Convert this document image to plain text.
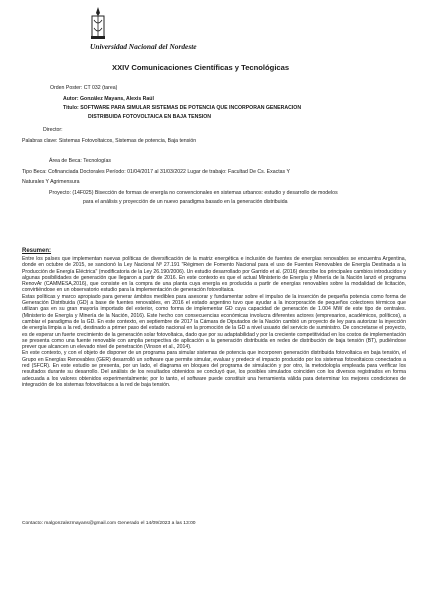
Universidad Nacional del Nordeste
XXIV Comunicaciones Científicas y Tecnológicas
Orden Poster: CT 032 (tarea)
Autor: González Mayans, Alexis Raúl
Titulo: SOFTWARE PARA SIMULAR SISTEMAS DE POTENCIA QUE INCORPORAN GENERACION
DISTRIBUIDA FOTOVOLTAICA EN BAJA TENSION
Director:
Palabras clave: Sistemas Fotovoltaicos, Sistemas de potencia, Baja tensión
Área de Beca: Tecnologías
Tipo Beca: Cofinanciada Doctorales Período: 01/04/2017 al 31/03/2022 Lugar de trabajo: Facultad De Cs. Exactas Y
Naturales Y Agrimensura
Proyecto: (14F025) Bisección de formas de energía no convencionales en sistemas urbanos: estudio y desarrollo de modelos
para el análisis y proyección de un nuevo paradigma basado en la generación distribuida
Resumen:

Entre los países que implementan nuevas políticas de diversificación de la matriz energética e inclusión de fuentes de energías renovables se encuentra Argentina, donde en octubre de 2015, se sancionó la Ley Nacional Nº 27.191 "Régimen de Fomento Nacional para el uso de Fuentes Renovables de Energía Destinada a la Producción de Energía Eléctrica" (modificatoria de la Ley 26.190/2006). Un estudio desarrollado por Garrido et al. (2016) describe los principales cambios introducidos y algunas posibilidades de generación que llegaron a partir de 2016. En este contexto es que el actual Ministerio de Energía y Minería de la Nación lanzó el programa RenovAr (CAMMESA,2016), que consiste en la compra de una planta cuya energía es producida a partir de energías renovables sobre la modalidad de licitación, convirtiéndose en un observatorio estudio para la implementación de generación fotovoltaica.

Estas políticas y marco apropiado para generar ámbitos medibles para asesorar y fundamentar sobre el impulso de la inserción de pequeña potencia como forma de Generación Distribuida (GD) a base de fuentes renovables, en 2016 el estado argentino tuvo que ayudar a la incorporación de pequeños colectores térmicos que utilizan gas en su gran mayoría importado del exterior, como forma de implementar GD cuya capacidad de generación de 1.004 MW de este tipo de centrales. (Ministerio de Energía y Minería de la Nación, 2016). Este hecho con consecuencias económicas involucra diferentes actores (empresarios, académicos, políticos), a cambiar el paradigma de la GD. En este contexto, en septiembre de 2017 la Cámara de Diputados de la Nación cambió un proyecto de ley para autorizar la inyección de energía limpia a la red, destinado a primer paso del estado nacional en la promoción de la GD a nivel usuario del servicio de suministro. De concretarse el proyecto, es de esperar un fuerte crecimiento de la generación solar fotovoltaica, dado que por su adaptabilidad y por la creciente competitividad en los costos de implementación se presenta como una fuente renovable con amplia perspectiva de aplicación a la generación distribuida en redes de distribución de baja tensión (BT), pudiéndose prever que alcancen un elevado nivel de penetración (Vinson et al., 2014).

En este contexto, y con el objeto de disponer de un programa para simular sistemas de potencia que incorporen generación distribuida fotovoltaica en baja tensión, el Grupo en Energías Renovables (GER) desarrolló un software que permite simular, evaluar y predecir el impacto producido por los sistemas fotovoltaicos conectados a red (SFCR). En este estudio se presenta, por un lado, el diagrama en bloques del programa de simulación y por otro, la metodología empleada para verificar los resultados durante su desarrollo. Del análisis de los resultados obtenidos se concluyó que, los posibles simulados coinciden con los diversos registrados en forma adecuada a los valores obtenidos experimentalmente; por lo tanto, el software puede constituir una herramienta válida para determinar los mejores condiciones de integración de los sistemas fotovoltaicos a la red de baja tensión.

Contacto: malgonzalezmayans@gmail.com Generado el 14/09/2023 a las 13:00
